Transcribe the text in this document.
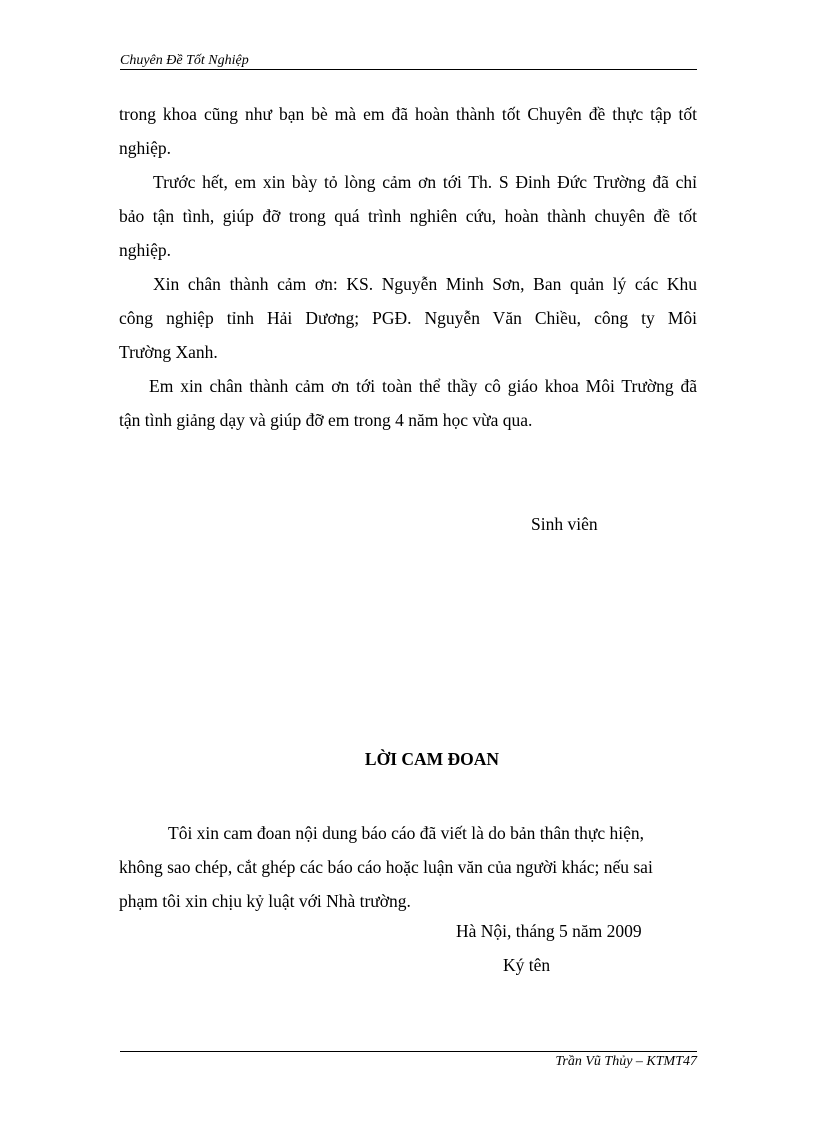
Chuyên Đề Tốt Nghiệp
trong khoa cũng như bạn bè mà em đã hoàn thành tốt Chuyên đề thực tập tốt
nghiệp.
Trước hết, em xin bày tỏ lòng cảm ơn tới Th. S Đinh Đức Trường đã chỉ
bảo tận tình, giúp đỡ trong quá trình nghiên cứu, hoàn thành chuyên đề tốt
nghiệp.
Xin chân thành cảm ơn: KS. Nguyễn Minh Sơn, Ban quản lý các Khu
công nghiệp tỉnh Hải Dương; PGĐ. Nguyễn Văn Chiều, công ty Môi
Trường Xanh.
Em xin chân thành cảm ơn tới toàn thể thầy cô giáo khoa Môi Trường đã
tận tình giảng dạy và giúp đỡ em trong 4 năm học vừa qua.
Sinh viên
LỜI CAM ĐOAN
Tôi xin cam đoan nội dung báo cáo đã viết là do bản thân thực hiện,
không sao chép, cắt ghép các báo cáo hoặc luận văn của người khác; nếu sai
phạm tôi xin chịu kỷ luật với Nhà trường.
Hà Nội, tháng 5 năm 2009
Ký tên
Trần Vũ Thủy – KTMT47
